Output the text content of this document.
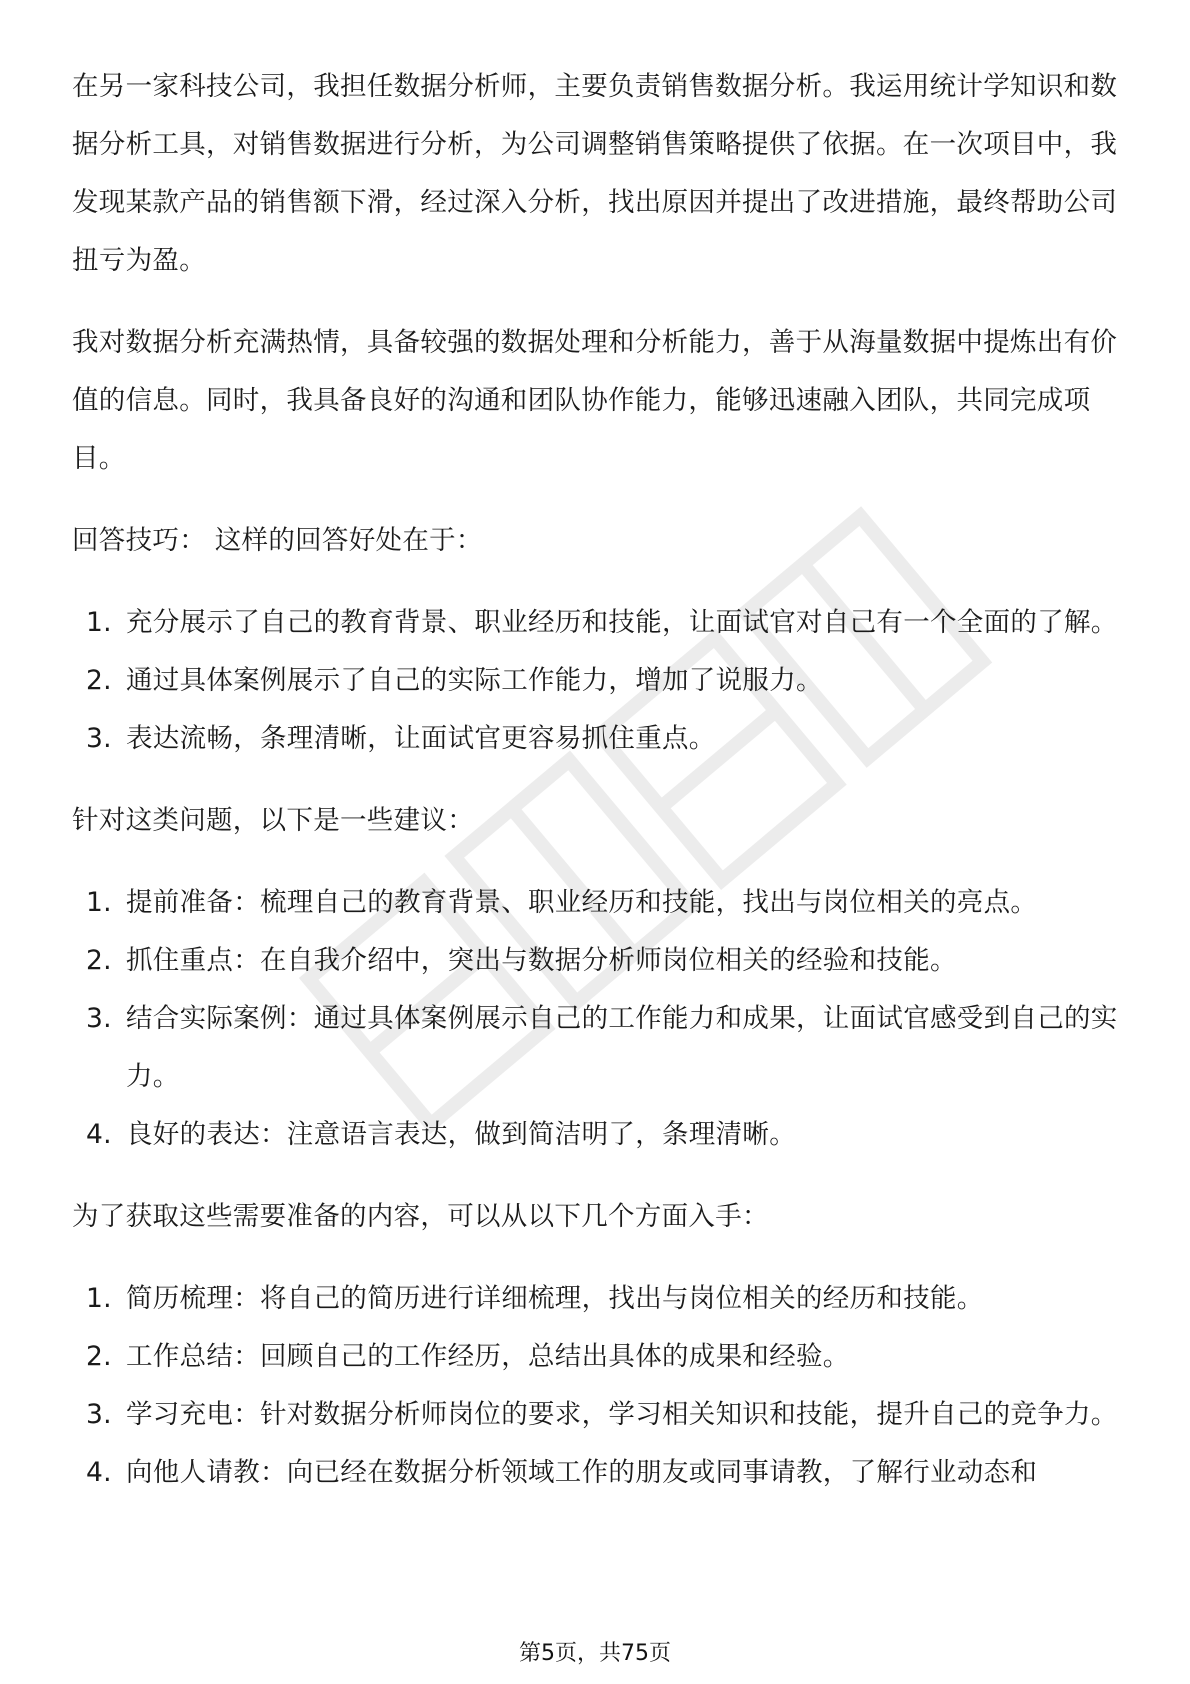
在另一家科技公司，我担任数据分析师，主要负责销售数据分析。我运用统计学知识和数据分析工具，对销售数据进行分析，为公司调整销售策略提供了依据。在一次项目中，我发现某款产品的销售额下滑，经过深入分析，找出原因并提出了改进措施，最终帮助公司扭亏为盈。

我对数据分析充满热情，具备较强的数据处理和分析能力，善于从海量数据中提炼出有价值的信息。同时，我具备良好的沟通和团队协作能力，能够迅速融入团队，共同完成项目。

回答技巧： 这样的回答好处在于：

1. 充分展示了自己的教育背景、职业经历和技能，让面试官对自己有一个全面的了解。
2. 通过具体案例展示了自己的实际工作能力，增加了说服力。
3. 表达流畅，条理清晰，让面试官更容易抓住重点。

针对这类问题，以下是一些建议：

1. 提前准备：梳理自己的教育背景、职业经历和技能，找出与岗位相关的亮点。
2. 抓住重点：在自我介绍中，突出与数据分析师岗位相关的经验和技能。
3. 结合实际案例：通过具体案例展示自己的工作能力和成果，让面试官感受到自己的实力。
4. 良好的表达：注意语言表达，做到简洁明了，条理清晰。

为了获取这些需要准备的内容，可以从以下几个方面入手：

1. 简历梳理：将自己的简历进行详细梳理，找出与岗位相关的经历和技能。
2. 工作总结：回顾自己的工作经历，总结出具体的成果和经验。
3. 学习充电：针对数据分析师岗位的要求，学习相关知识和技能，提升自己的竞争力。
4. 向他人请教：向已经在数据分析领域工作的朋友或同事请教，了解行业动态和
第5页，共75页
